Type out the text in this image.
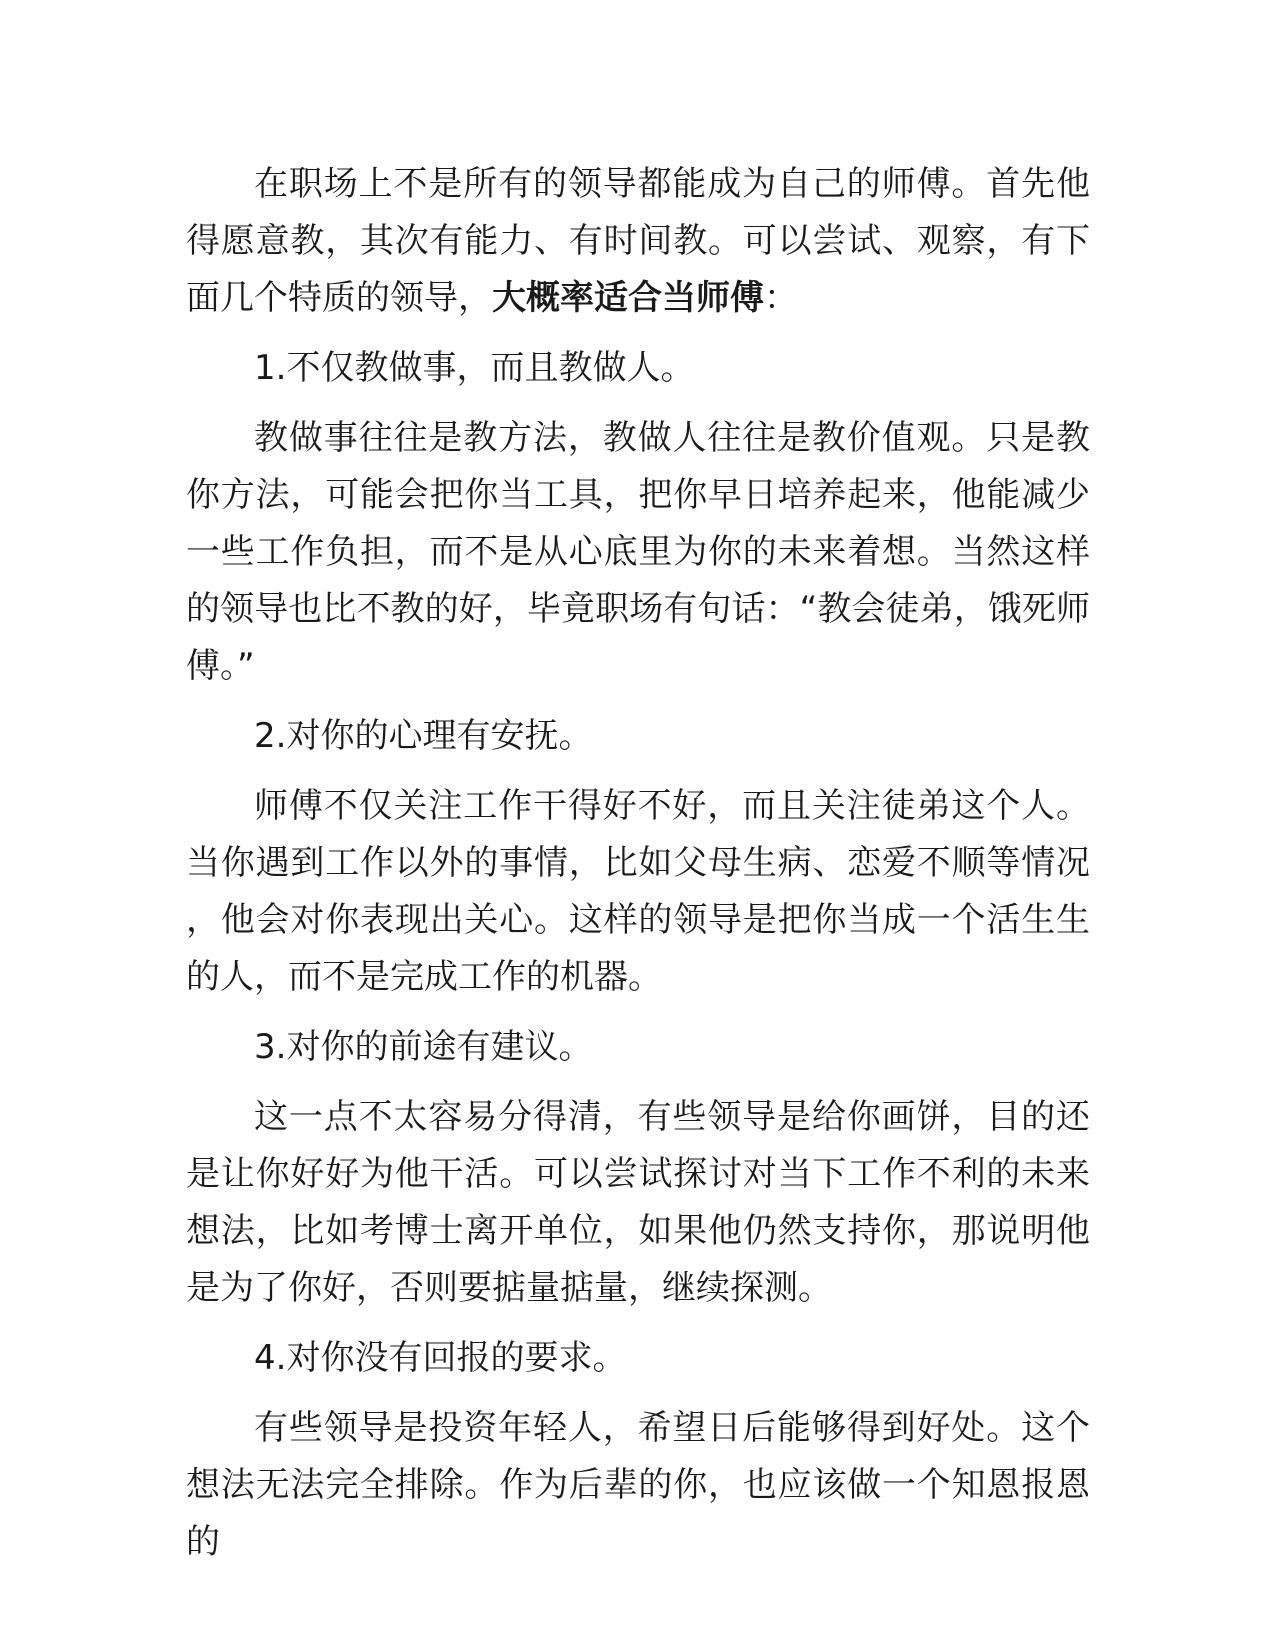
在职场上不是所有的领导都能成为自己的师傅。首先他得愿意教，其次有能力、有时间教。可以尝试、观察，有下面几个特质的领导，大概率适合当师傅：

1.不仅教做事，而且教做人。

教做事往往是教方法，教做人往往是教价值观。只是教你方法，可能会把你当工具，把你早日培养起来，他能减少一些工作负担，而不是从心底里为你的未来着想。当然这样的领导也比不教的好，毕竟职场有句话：“教会徒弟，饿死师傅。”

2.对你的心理有安抚。

师傅不仅关注工作干得好不好，而且关注徒弟这个人。当你遇到工作以外的事情，比如父母生病、恋爱不顺等情况，他会对你表现出关心。这样的领导是把你当成一个活生生的人，而不是完成工作的机器。

3.对你的前途有建议。

这一点不太容易分得清，有些领导是给你画饼，目的还是让你好好为他干活。可以尝试探讨对当下工作不利的未来想法，比如考博士离开单位，如果他仍然支持你，那说明他是为了你好，否则要掂量掂量，继续探测。

4.对你没有回报的要求。

有些领导是投资年轻人，希望日后能够得到好处。这个想法无法完全排除。作为后辈的你，也应该做一个知恩报恩的
